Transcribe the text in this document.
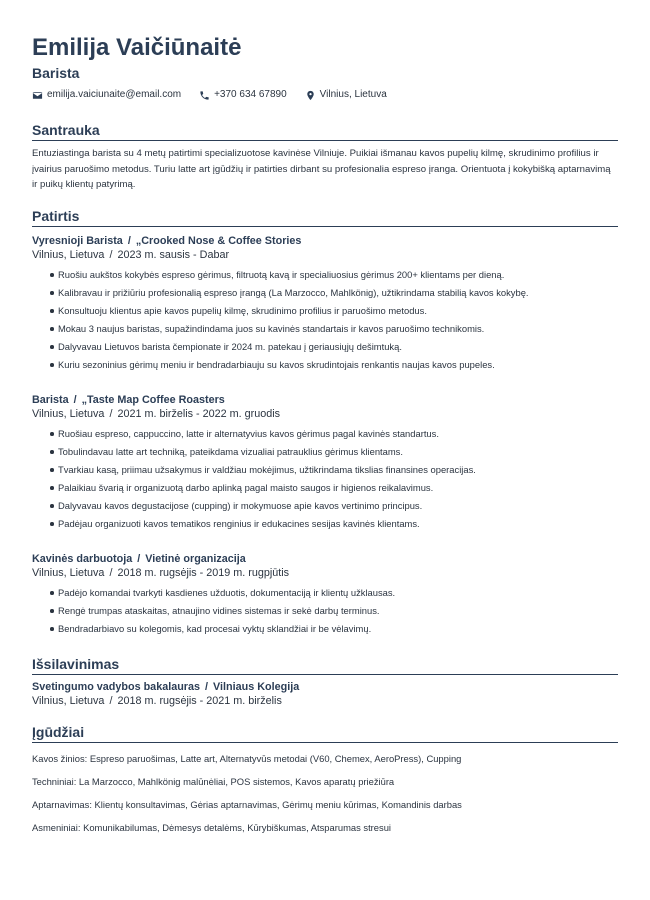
Emilija Vaičiūnaitė
Barista
emilija.vaiciunaite@email.com	+370 634 67890	Vilnius, Lietuva
Santrauka
Entuziastinga barista su 4 metų patirtimi specializuotose kavinėse Vilniuje. Puikiai išmanau kavos pupelių kilmę, skrudinimo profilius ir įvairius paruošimo metodus. Turiu latte art įgūdžių ir patirties dirbant su profesionalia espreso įranga. Orientuota į kokybišką aptarnavimą ir puikų klientų patyrimą.
Patirtis
Vyresnioji Barista / „Crooked Nose & Coffee Stories
Vilnius, Lietuva / 2023 m. sausis - Dabar
Ruošiu aukštos kokybės espreso gėrimus, filtruotą kavą ir specialiuosius gėrimus 200+ klientams per dieną.
Kalibravau ir prižiūriu profesionalią espreso įrangą (La Marzocco, Mahlkönig), užtikrindama stabilią kavos kokybę.
Konsultuoju klientus apie kavos pupelių kilmę, skrudinimo profilius ir paruošimo metodus.
Mokau 3 naujus baristas, supažindindama juos su kavinės standartais ir kavos paruošimo technikomis.
Dalyvavau Lietuvos barista čempionate ir 2024 m. patekau į geriausiųjų dešimtuką.
Kuriu sezoninius gėrimų meniu ir bendradarbiauju su kavos skrudintojais renkantis naujas kavos pupeles.
Barista / „Taste Map Coffee Roasters
Vilnius, Lietuva / 2021 m. birželis - 2022 m. gruodis
Ruošiau espreso, cappuccino, latte ir alternatyvius kavos gėrimus pagal kavinės standartus.
Tobulindavau latte art techniką, pateikdama vizualiai patrauklius gėrimus klientams.
Tvarkiau kasą, priimau užsakymus ir valdžiau mokėjimus, užtikrindama tikslias finansines operacijas.
Palaikiau švarią ir organizuotą darbo aplinką pagal maisto saugos ir higienos reikalavimus.
Dalyvavau kavos degustacijose (cupping) ir mokymuose apie kavos vertinimo principus.
Padėjau organizuoti kavos tematikos renginius ir edukacines sesijas kavinės klientams.
Kavinės darbuotoja / Vietinė organizacija
Vilnius, Lietuva / 2018 m. rugsėjis - 2019 m. rugpjūtis
Padėjo komandai tvarkyti kasdienes užduotis, dokumentaciją ir klientų užklausas.
Rengė trumpas ataskaitas, atnaujino vidines sistemas ir sekė darbų terminus.
Bendradarbiavo su kolegomis, kad procesai vyktų sklandžiai ir be vėlavimų.
Išsilavinimas
Svetingumo vadybos bakalauras / Vilniaus Kolegija
Vilnius, Lietuva / 2018 m. rugsėjis - 2021 m. birželis
Įgūdžiai
Kavos žinios: Espreso paruošimas, Latte art, Alternatyvūs metodai (V60, Chemex, AeroPress), Cupping
Techniniai: La Marzocco, Mahlkönig malūnėliai, POS sistemos, Kavos aparatų priežiūra
Aptarnavimas: Klientų konsultavimas, Gėrias aptarnavimas, Gėrimų meniu kūrimas, Komandinis darbas
Asmeniniai: Komunikabilumas, Dėmesys detalėms, Kūrybiškumas, Atsparumas stresui
